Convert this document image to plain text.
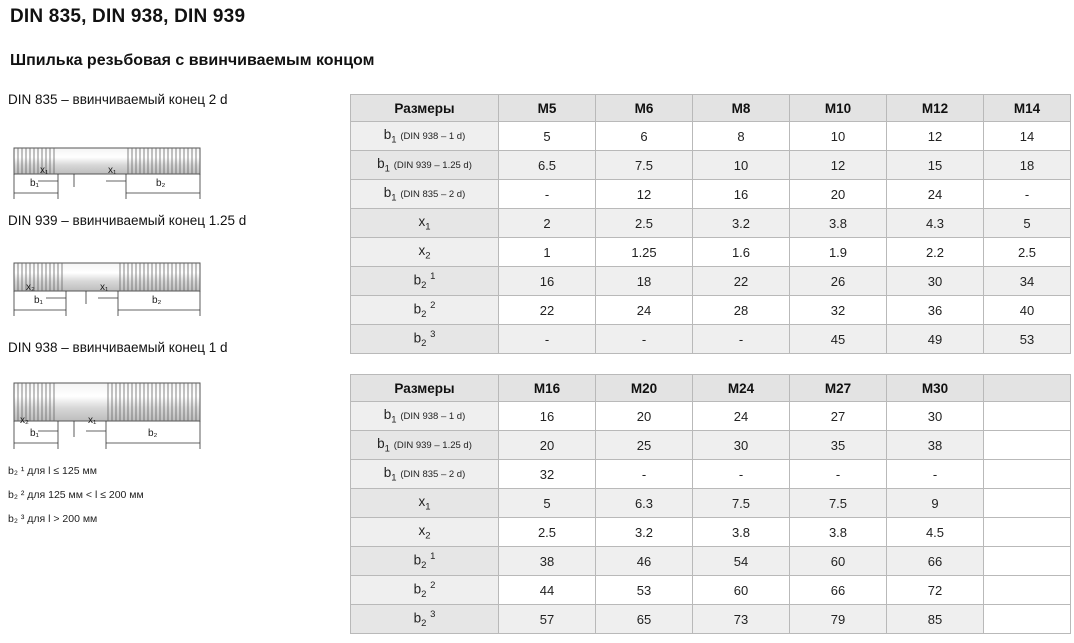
DIN 835, DIN 938, DIN 939
Шпилька резьбовая с ввинчиваемым концом
DIN 835 – ввинчиваемый конец 2 d
x₁
b₁
x₁
b₂
DIN 939 – ввинчиваемый конец 1.25 d
x₂
b₁
x₁
b₂
DIN 938 – ввинчиваемый конец 1 d
x₂
b₁
x₁
b₂
b₂ ¹ для l ≤ 125 мм
b₂ ² для 125 мм < l ≤ 200 мм
b₂ ³ для l > 200 мм
Размеры	M5	M6	M8	M10	M12	M14
$b_1$ (DIN 938 – 1 d)	5	6	8	10	12	14
$b_1$ (DIN 939 – 1.25 d)	6.5	7.5	10	12	15	18
$b_1$ (DIN 835 – 2 d)	-	12	16	20	24	-
$x_1$	2	2.5	3.2	3.8	4.3	5
$x_2$	1	1.25	1.6	1.9	2.2	2.5
$b_2$ $^1$	16	18	22	26	30	34
$b_2$ $^2$	22	24	28	32	36	40
$b_2$ $^3$	-	-	-	45	49	53
Размеры	M16	M20	M24	M27	M30	
$b_1$ (DIN 938 – 1 d)	16	20	24	27	30	
$b_1$ (DIN 939 – 1.25 d)	20	25	30	35	38	
$b_1$ (DIN 835 – 2 d)	32	-	-	-	-	
$x_1$	5	6.3	7.5	7.5	9	
$x_2$	2.5	3.2	3.8	3.8	4.5	
$b_2$ $^1$	38	46	54	60	66	
$b_2$ $^2$	44	53	60	66	72	
$b_2$ $^3$	57	65	73	79	85	
